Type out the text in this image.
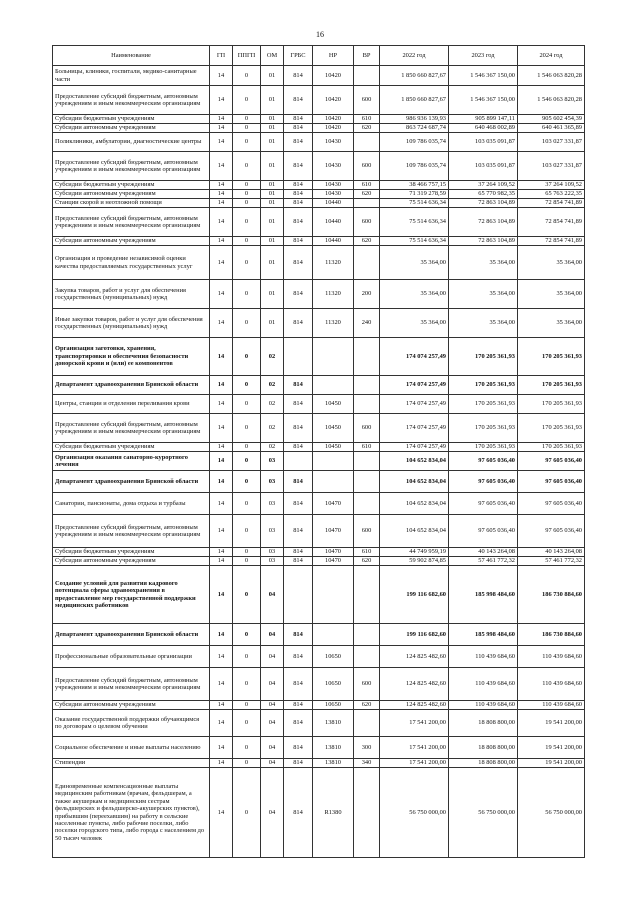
16
Наименование	ГП	ППГП	ОМ	ГРБС	НР	ВР	2022 год	2023 год	2024 год
Больницы, клиники, госпитали, медико-санитарные части	14	0	01	814	10420		1 850 660 827,67	1 546 367 150,00	1 546 063 820,28
Предоставление субсидий бюджетным, автономным учреждениям и иным некоммерческим организациям	14	0	01	814	10420	600	1 850 660 827,67	1 546 367 150,00	1 546 063 820,28
Субсидии бюджетным учреждениям	14	0	01	814	10420	610	986 936 139,93	905 899 147,11	905 602 454,39
Субсидии автономным учреждениям	14	0	01	814	10420	620	863 724 687,74	640 468 002,89	640 461 365,89
Поликлиники, амбулатории, диагностические центры	14	0	01	814	10430		109 786 035,74	103 035 091,87	103 027 331,87
Предоставление субсидий бюджетным, автономным учреждениям и иным некоммерческим организациям	14	0	01	814	10430	600	109 786 035,74	103 035 091,87	103 027 331,87
Субсидии бюджетным учреждениям	14	0	01	814	10430	610	38 466 757,15	37 264 109,52	37 264 109,52
Субсидии автономным учреждениям	14	0	01	814	10430	620	71 319 278,59	65 770 982,35	65 763 222,35
Станции скорой и неотложной помощи	14	0	01	814	10440		75 514 636,34	72 863 104,89	72 854 741,89
Предоставление субсидий бюджетным, автономным учреждениям и иным некоммерческим организациям	14	0	01	814	10440	600	75 514 636,34	72 863 104,89	72 854 741,89
Субсидии автономным учреждениям	14	0	01	814	10440	620	75 514 636,34	72 863 104,89	72 854 741,89
Организация и проведение независимой оценки качества предоставляемых государственных услуг	14	0	01	814	11320		35 364,00	35 364,00	35 364,00
Закупка товаров, работ и услуг для обеспечения государственных (муниципальных) нужд	14	0	01	814	11320	200	35 364,00	35 364,00	35 364,00
Иные закупки товаров, работ и услуг для обеспечения государственных (муниципальных) нужд	14	0	01	814	11320	240	35 364,00	35 364,00	35 364,00
Организация заготовки, хранения, транспортировки и обеспечения безопасности донорской крови и (или) ее компонентов	14	0	02				174 074 257,49	170 205 361,93	170 205 361,93
Департамент здравоохранения Брянской области	14	0	02	814			174 074 257,49	170 205 361,93	170 205 361,93
Центры, станции и отделения переливания крови	14	0	02	814	10450		174 074 257,49	170 205 361,93	170 205 361,93
Предоставление субсидий бюджетным, автономным учреждениям и иным некоммерческим организациям	14	0	02	814	10450	600	174 074 257,49	170 205 361,93	170 205 361,93
Субсидии бюджетным учреждениям	14	0	02	814	10450	610	174 074 257,49	170 205 361,93	170 205 361,93
Организация оказания санаторно-курортного лечения	14	0	03				104 652 834,04	97 605 036,40	97 605 036,40
Департамент здравоохранения Брянской области	14	0	03	814			104 652 834,04	97 605 036,40	97 605 036,40
Санатории, пансионаты, дома отдыха и турбазы	14	0	03	814	10470		104 652 834,04	97 605 036,40	97 605 036,40
Предоставление субсидий бюджетным, автономным учреждениям и иным некоммерческим организациям	14	0	03	814	10470	600	104 652 834,04	97 605 036,40	97 605 036,40
Субсидии бюджетным учреждениям	14	0	03	814	10470	610	44 749 959,19	40 143 264,08	40 143 264,08
Субсидии автономным учреждениям	14	0	03	814	10470	620	59 902 874,85	57 461 772,32	57 461 772,32
Создание условий для развития кадрового потенциала сферы здравоохранения в предоставление мер государственной поддержки медицинских работников	14	0	04				199 116 682,60	185 998 484,60	186 730 884,60
Департамент здравоохранения Брянской области	14	0	04	814			199 116 682,60	185 998 484,60	186 730 884,60
Профессиональные образовательные организации	14	0	04	814	10650		124 825 482,60	110 439 684,60	110 439 684,60
Предоставление субсидий бюджетным, автономным учреждениям и иным некоммерческим организациям	14	0	04	814	10650	600	124 825 482,60	110 439 684,60	110 439 684,60
Субсидии автономным учреждениям	14	0	04	814	10650	620	124 825 482,60	110 439 684,60	110 439 684,60
Оказание государственной поддержки обучающимся по договорам о целевом обучении	14	0	04	814	13810		17 541 200,00	18 808 800,00	19 541 200,00
Социальное обеспечение и иные выплаты населению	14	0	04	814	13810	300	17 541 200,00	18 808 800,00	19 541 200,00
Стипендии	14	0	04	814	13810	340	17 541 200,00	18 808 800,00	19 541 200,00
Единовременные компенсационные выплаты медицинским работникам (врачам, фельдшерам, а также акушеркам и медицинским сестрам фельдшерских и фельдшерско-акушерских пунктов), прибывшим (переехавшим) на работу в сельские населенные пункты, либо рабочие поселки, либо поселки городского типа, либо города с населением до 50 тысяч человек	14	0	04	814	R1380		56 750 000,00	56 750 000,00	56 750 000,00
